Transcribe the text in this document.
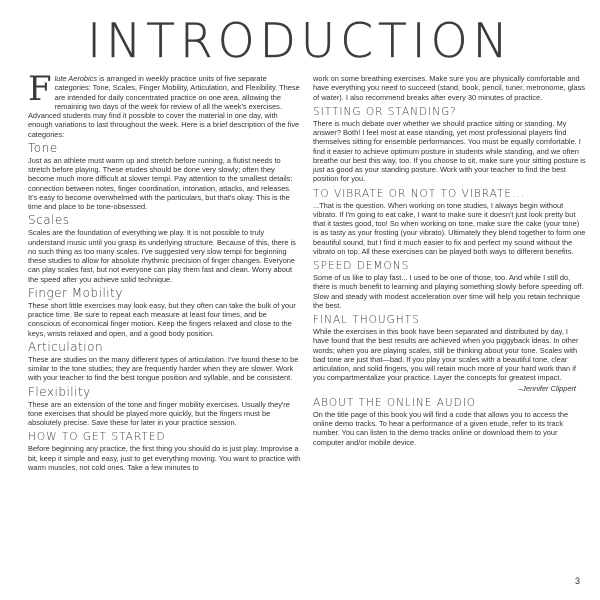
INTRODUCTION
F lute Aerobics is arranged in weekly practice units of five separate categories: Tone, Scales, Finger Mobility, Articulation, and Flexibility. These are intended for daily concentrated practice on one area, allowing the remaining two days of the week for review of all the week's exercises. Advanced students may find it possible to cover the material in one day, with enough variations to last throughout the week. Here is a brief description of the five categories:

Tone

Just as an athlete must warm up and stretch before running, a flutist needs to stretch before playing. These etudes should be done very slowly; often they become much more difficult at slower tempi. Pay attention to the smallest details: connection between notes, finger coordination, intonation, attacks, and releases. It's easy to become overwhelmed with the particulars, but that's okay. This is the time and place to be tone-obsessed.

Scales

Scales are the foundation of everything we play. It is not possible to truly understand music until you grasp its underlying structure. Because of this, there is no such thing as too many scales. I've suggested very slow tempi for beginning these studies to allow for absolute rhythmic precision of finger changes. Everyone can play scales fast, but not everyone can play them fast and clean. Worry about the speed after you achieve solid technique.

Finger Mobility

These short little exercises may look easy, but they often can take the bulk of your practice time. Be sure to repeat each measure at least four times, and be conscious of economical finger motion. Keep the fingers relaxed and close to the keys, wrists relaxed and open, and a good body position.

Articulation

These are studies on the many different types of articulation. I've found these to be similar to the tone studies; they are frequently harder when they are slower. Work with your teacher to find the best tongue position and syllable, and be consistent.

Flexibility

These are an extension of the tone and finger mobility exercises. Usually they're tone exercises that should be played more quickly, but the fingers must be absolutely precise. Save these for later in your practice session.

HOW TO GET STARTED

Before beginning any practice, the first thing you should do is just play. Improvise a bit, keep it simple and easy, just to get everything moving. You want to practice with warm muscles, not cold ones. Take a few minutes to

work on some breathing exercises. Make sure you are physically comfortable and have everything you need to succeed (stand, book, pencil, tuner, metronome, glass of water). I also recommend breaks after every 30 minutes of practice.

SITTING OR STANDING?

There is much debate over whether we should practice sitting or standing. My answer? Both! I feel most at ease standing, yet most professional players find themselves sitting for ensemble performances. You must be equally comfortable. I find it easier to achieve optimum posture in students while standing, and we often breathe our best this way, too. If you choose to sit, make sure your sitting posture is just as good as your standing posture. Work with your teacher to find the best position for you.

TO VIBRATE OR NOT TO VIBRATE...

...That is the question. When working on tone studies, I always begin without vibrato. If I'm going to eat cake, I want to make sure it doesn't just look pretty but that it tastes good, too! So when working on tone, make sure the cake (your tone) is as tasty as your frosting (your vibrato). Ultimately they blend together to form one beautiful sound, but I find it much easier to fix and perfect my sound without the vibrato on top. All these exercises can be played both ways to different benefits.

SPEED DEMONS

Some of us like to play fast... I used to be one of those, too. And while I still do, there is much benefit to learning and playing something slowly before speeding off. Slow and steady with modest acceleration over time will help you retain technique the best.

FINAL THOUGHTS

While the exercises in this book have been separated and distributed by day, I have found that the best results are achieved when you piggyback ideas. In other words; when you are playing scales, still be thinking about your tone. Scales with bad tone are just that—bad. If you play your scales with a beautiful tone, clear articulation, and solid fingers, you will retain much more of your hard work than if you compartmentalize your practice. Layer the concepts for greatest impact.

–Jennifer Clippert
ABOUT THE ONLINE AUDIO

On the title page of this book you will find a code that allows you to access the online demo tracks. To hear a performance of a given etude, refer to its track number. You can listen to the demo tracks online or download them to your computer and/or mobile device.

3
